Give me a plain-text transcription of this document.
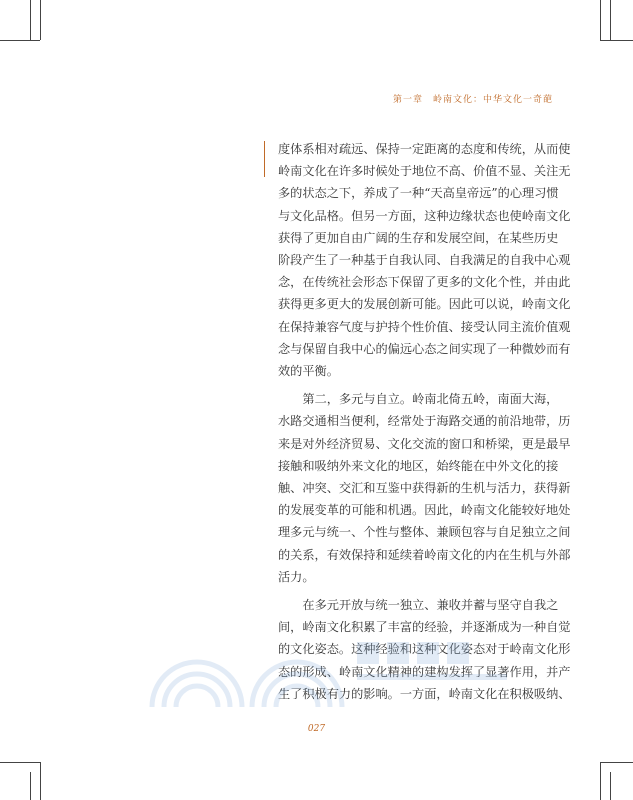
第一章 岭南文化：中华文化一奇葩

度体系相对疏远、保持一定距离的态度和传统，从而使
岭南文化在许多时候处于地位不高、价值不显、关注无
多的状态之下，养成了一种“天高皇帝远”的心理习惯
与文化品格。但另一方面，这种边缘状态也使岭南文化
获得了更加自由广阔的生存和发展空间，在某些历史
阶段产生了一种基于自我认同、自我满足的自我中心观
念，在传统社会形态下保留了更多的文化个性，并由此
获得更多更大的发展创新可能。因此可以说，岭南文化
在保持兼容气度与护持个性价值、接受认同主流价值观
念与保留自我中心的偏远心态之间实现了一种微妙而有
效的平衡。

第二，多元与自立。岭南北倚五岭，南面大海，
水路交通相当便利，经常处于海路交通的前沿地带，历
来是对外经济贸易、文化交流的窗口和桥梁，更是最早
接触和吸纳外来文化的地区，始终能在中外文化的接
触、冲突、交汇和互鉴中获得新的生机与活力，获得新
的发展变革的可能和机遇。因此，岭南文化能较好地处
理多元与统一、个性与整体、兼顾包容与自足独立之间
的关系，有效保持和延续着岭南文化的内在生机与外部
活力。

在多元开放与统一独立、兼收并蓄与坚守自我之
间，岭南文化积累了丰富的经验，并逐渐成为一种自觉
的文化姿态。这种经验和这种文化姿态对于岭南文化形
态的形成、岭南文化精神的建构发挥了显著作用，并产
生了积极有力的影响。一方面，岭南文化在积极吸纳、

027
